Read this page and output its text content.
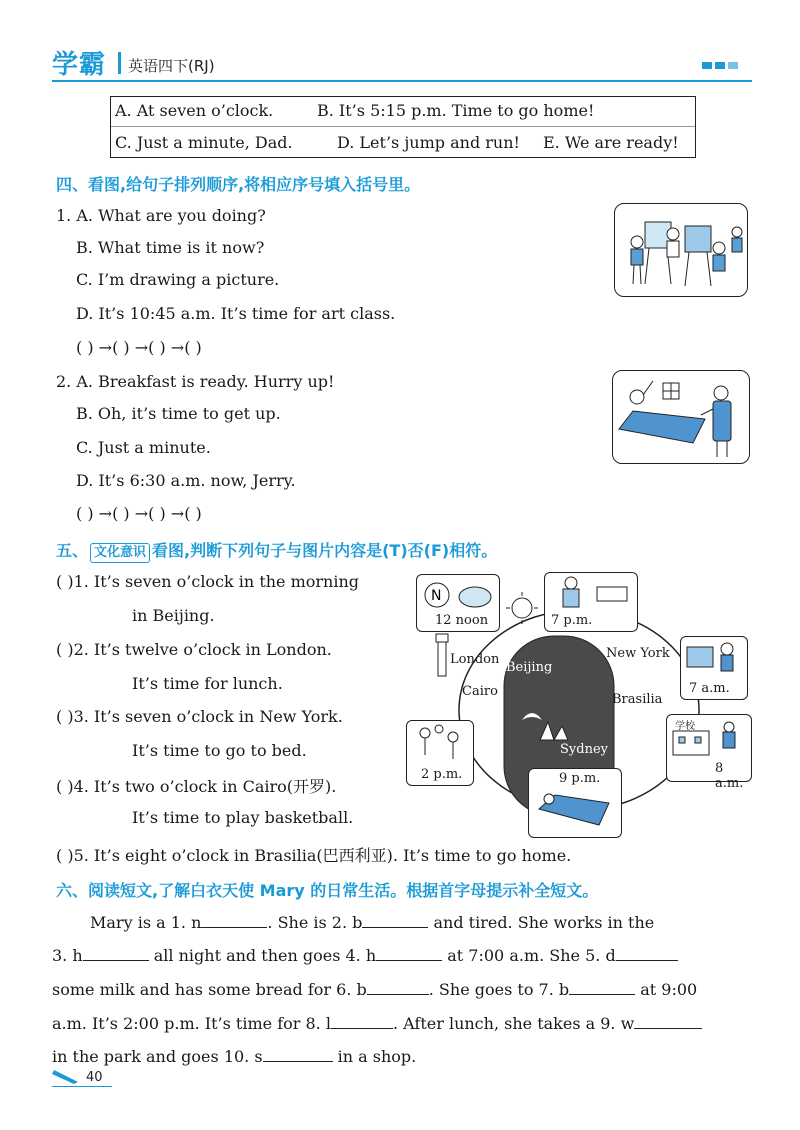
学霸 英语四下(RJ)
A. At seven o’clock.	B. It’s 5:15 p.m. Time to go home!
C. Just a minute, Dad.	D. Let’s jump and run! E. We are ready!
四、看图,给句子排列顺序,将相应序号填入括号里。
1. A. What are you doing?
B. What time is it now?
C. I’m drawing a picture.
D. It’s 10:45 a.m. It’s time for art class.
( ) →( ) →( ) →( )
2. A. Breakfast is ready. Hurry up!
B. Oh, it’s time to get up.
C. Just a minute.
D. It’s 6:30 a.m. now, Jerry.
( ) →( ) →( ) →( )
五、 文化意识 看图,判断下列句子与图片内容是(T)否(F)相符。
( )1. It’s seven o’clock in the morning
in Beijing.
( )2. It’s twelve o’clock in London.
It’s time for lunch.
( )3. It’s seven o’clock in New York.
It’s time to go to bed.
( )4. It’s two o’clock in Cairo(开罗).
It’s time to play basketball.
( )5. It’s eight o’clock in Brasilia(巴西利亚). It’s time to go home.
N
12 noon	7 p.m.
London
Beijing
New York
Cairo
Brasilia
Sydney
7 a.m.
2 p.m.
学校
8 a.m.
9 p.m.
六、阅读短文,了解白衣天使 Mary 的日常生活。根据首字母提示补全短文。
Mary is a 1. n	. She is 2. b	and tired. She works in the
3. h	all night and then goes 4. h	at 7:00 a.m. She 5. d
some milk and has some bread for 6. b	. She goes to 7. b	at 9:00
a.m. It’s 2:00 p.m. It’s time for 8. l	. After lunch, she takes a 9. w
in the park and goes 10. s	in a shop.
40
